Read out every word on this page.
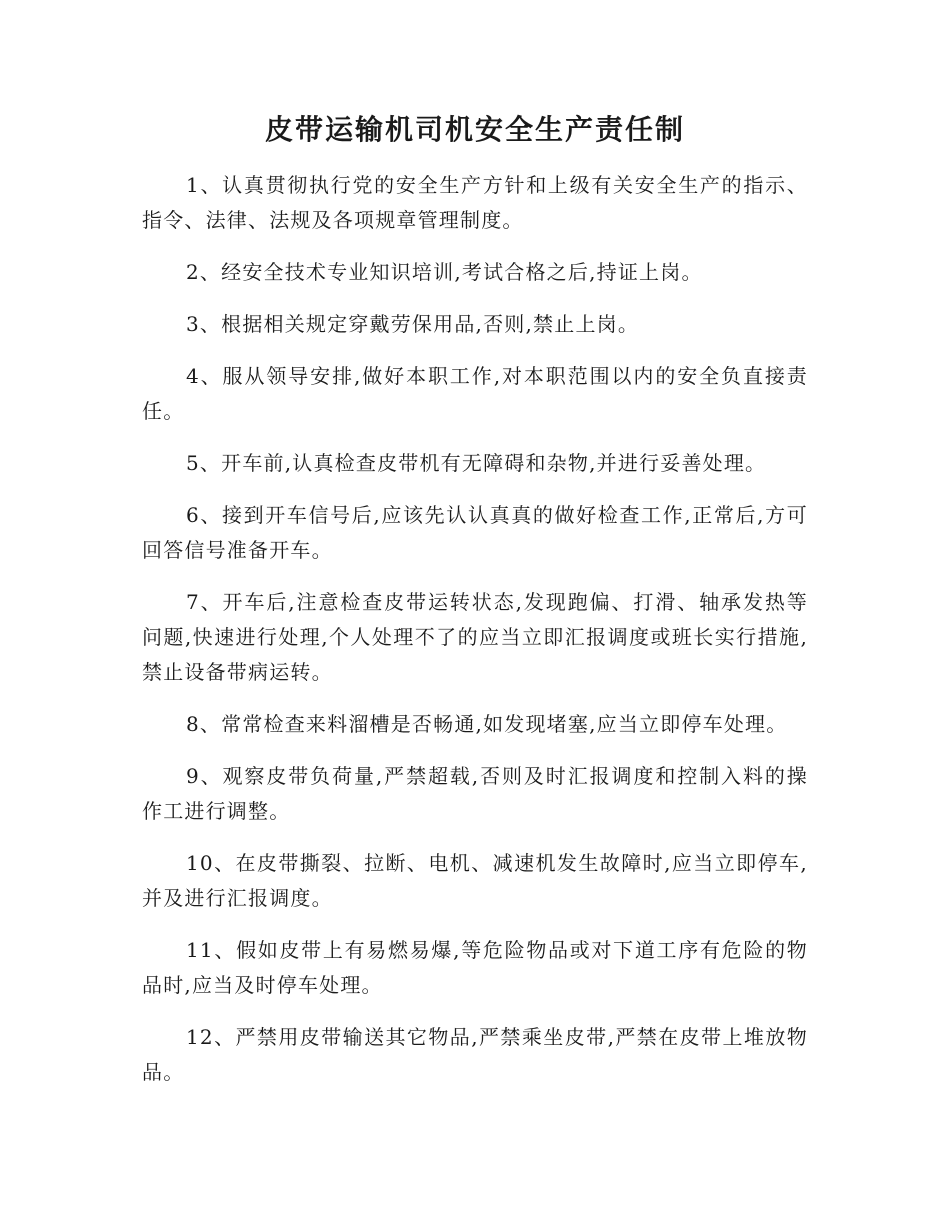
皮带运输机司机安全生产责任制

1、认真贯彻执行党的安全生产方针和上级有关安全生产的指示、指令、法律、法规及各项规章管理制度。

2、经安全技术专业知识培训,考试合格之后,持证上岗。

3、根据相关规定穿戴劳保用品,否则,禁止上岗。

4、服从领导安排,做好本职工作,对本职范围以内的安全负直接责任。

5、开车前,认真检查皮带机有无障碍和杂物,并进行妥善处理。

6、接到开车信号后,应该先认认真真的做好检查工作,正常后,方可回答信号准备开车。

7、开车后,注意检查皮带运转状态,发现跑偏、打滑、轴承发热等问题,快速进行处理,个人处理不了的应当立即汇报调度或班长实行措施,禁止设备带病运转。

8、常常检查来料溜槽是否畅通,如发现堵塞,应当立即停车处理。

9、观察皮带负荷量,严禁超载,否则及时汇报调度和控制入料的操作工进行调整。

10、在皮带撕裂、拉断、电机、减速机发生故障时,应当立即停车,并及进行汇报调度。

11、假如皮带上有易燃易爆,等危险物品或对下道工序有危险的物品时,应当及时停车处理。

12、严禁用皮带输送其它物品,严禁乘坐皮带,严禁在皮带上堆放物品。
